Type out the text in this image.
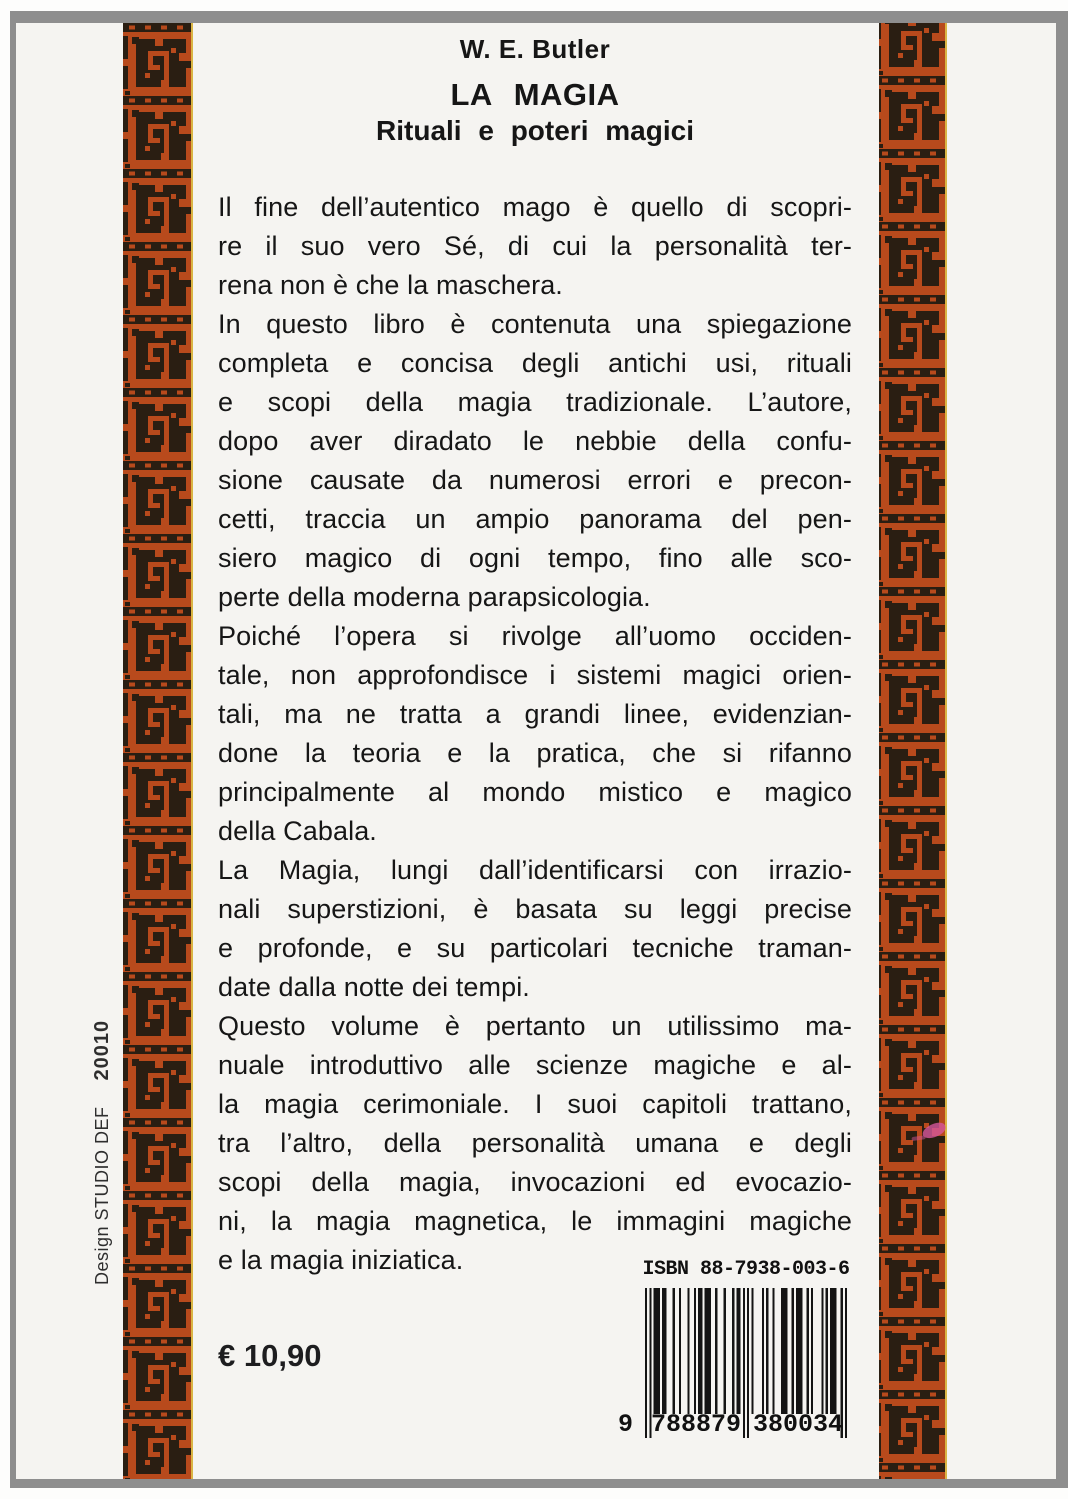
W. E. Butler
LA MAGIA
Rituali e poteri magici
Il fine dell’autentico mago è quello di scopri-
re il suo vero Sé, di cui la personalità ter-
rena non è che la maschera.
In questo libro è contenuta una spiegazione
completa e concisa degli antichi usi, rituali
e scopi della magia tradizionale. L’autore,
dopo aver diradato le nebbie della confu-
sione causate da numerosi errori e precon-
cetti, traccia un ampio panorama del pen-
siero magico di ogni tempo, fino alle sco-
perte della moderna parapsicologia.
Poiché l’opera si rivolge all’uomo occiden-
tale, non approfondisce i sistemi magici orien-
tali, ma ne tratta a grandi linee, evidenzian-
done la teoria e la pratica, che si rifanno
principalmente al mondo mistico e magico
della Cabala.
La Magia, lungi dall’identificarsi con irrazio-
nali superstizioni, è basata su leggi precise
e profonde, e su particolari tecniche traman-
date dalla notte dei tempi.
Questo volume è pertanto un utilissimo ma-
nuale introduttivo alle scienze magiche e al-
la magia cerimoniale. I suoi capitoli trattano,
tra l’altro, della personalità umana e degli
scopi della magia, invocazioni ed evocazio-
ni, la magia magnetica, le immagini magiche
e la magia iniziatica.
€ 10,90
ISBN 88-7938-003-6
9 788879 380034
Design STUDIO DEF20010
